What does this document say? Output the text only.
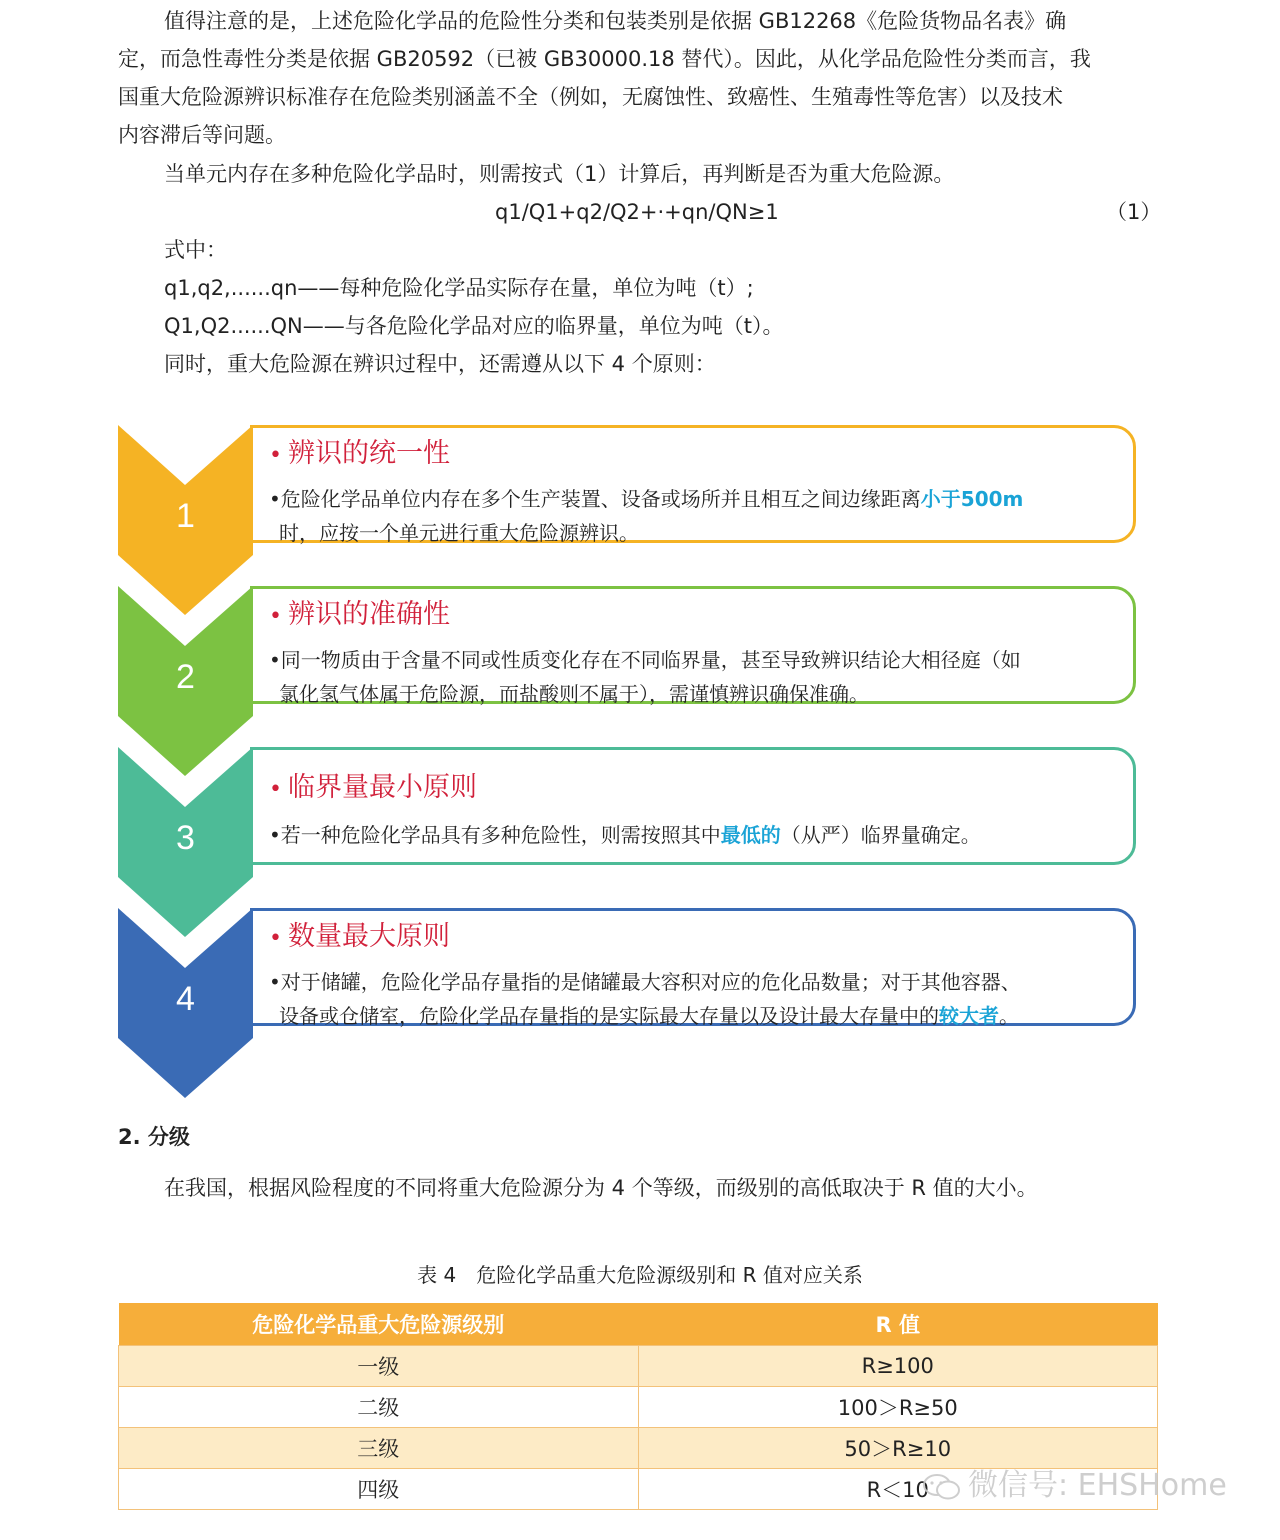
值得注意的是，上述危险化学品的危险性分类和包装类别是依据 GB12268《危险货物品名表》确
定，而急性毒性分类是依据 GB20592（已被 GB30000.18 替代）。因此，从化学品危险性分类而言，我
国重大危险源辨识标准存在危险类别涵盖不全（例如，无腐蚀性、致癌性、生殖毒性等危害）以及技术
内容滞后等问题。
当单元内存在多种危险化学品时，则需按式（1）计算后，再判断是否为重大危险源。
q1/Q1+q2/Q2+·+qn/QN≥1	（1）
式中：
q1,q2,......qn——每种危险化学品实际存在量，单位为吨（t）;
Q1,Q2......QN——与各危险化学品对应的临界量，单位为吨（t）。
同时，重大危险源在辨识过程中，还需遵从以下 4 个原则：
1
• 辨识的统一性
•危险化学品单位内存在多个生产装置、设备或场所并且相互之间边缘距离小于500m
时，应按一个单元进行重大危险源辨识。
2
• 辨识的准确性
•同一物质由于含量不同或性质变化存在不同临界量，甚至导致辨识结论大相径庭（如
氯化氢气体属于危险源，而盐酸则不属于），需谨慎辨识确保准确。
3
• 临界量最小原则
•若一种危险化学品具有多种危险性，则需按照其中最低的（从严）临界量确定。
4
• 数量最大原则
•对于储罐，危险化学品存量指的是储罐最大容积对应的危化品数量；对于其他容器、
设备或仓储室，危险化学品存量指的是实际最大存量以及设计最大存量中的较大者。
2. 分级
在我国，根据风险程度的不同将重大危险源分为 4 个等级，而级别的高低取决于 R 值的大小。
表 4　危险化学品重大危险源级别和 R 值对应关系
危险化学品重大危险源级别	R 值
一级	R≥100
二级	100＞R≥50
三级	50＞R≥10
四级	R＜10	微信号: EHSHome
